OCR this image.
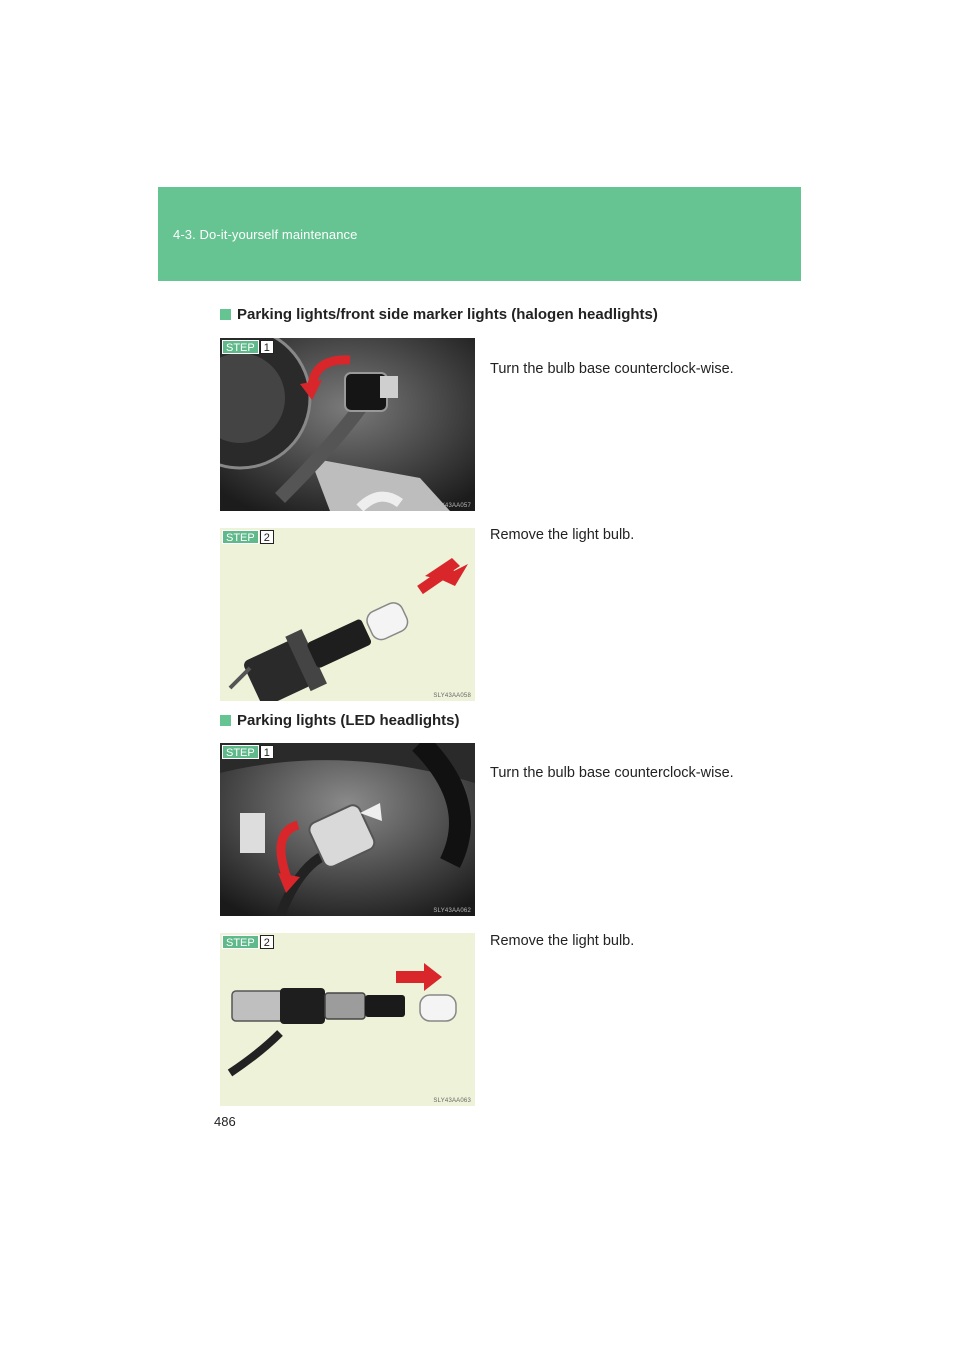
4-3. Do-it-yourself maintenance
Parking lights/front side marker lights (halogen headlights)
STEP 1
SLY43AA057
Turn the bulb base counterclock-wise.
STEP 2
SLY43AA058
Remove the light bulb.
Parking lights (LED headlights)
STEP 1
SLY43AA062
Turn the bulb base counterclock-wise.
STEP 2
SLY43AA063
Remove the light bulb.
486
